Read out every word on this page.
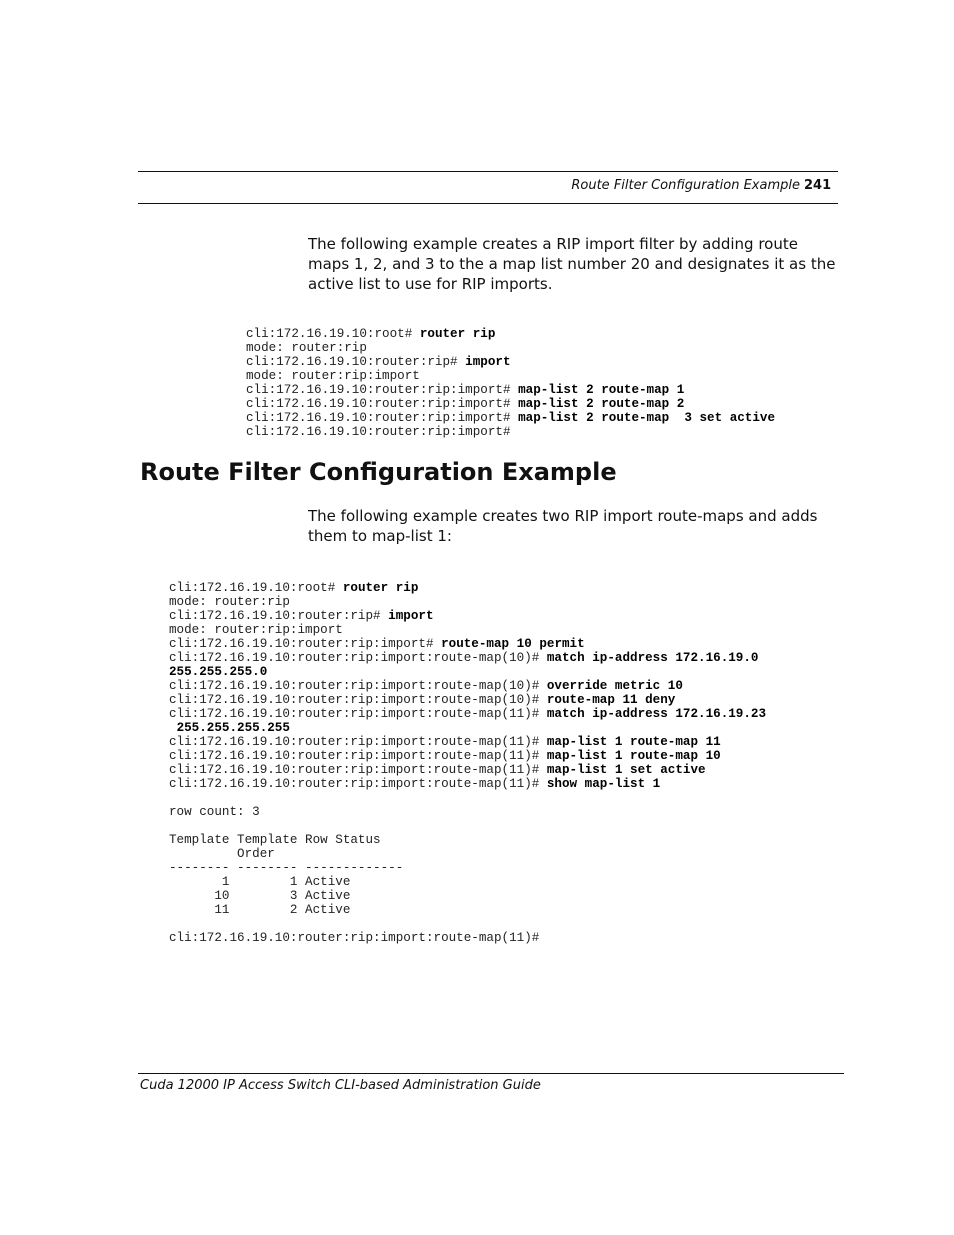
Route Filter Configuration Example 241

The following example creates a RIP import filter by adding route maps 1, 2, and 3 to the a map list number 20 and designates it as the active list to use for RIP imports.

cli:172.16.19.10:root# router rip
mode: router:rip
cli:172.16.19.10:router:rip# import
mode: router:rip:import
cli:172.16.19.10:router:rip:import# map-list 2 route-map 1
cli:172.16.19.10:router:rip:import# map-list 2 route-map 2
cli:172.16.19.10:router:rip:import# map-list 2 route-map  3 set active
cli:172.16.19.10:router:rip:import#

Route Filter Configuration Example

The following example creates two RIP import route-maps and adds them to map-list 1:

cli:172.16.19.10:root# router rip
mode: router:rip
cli:172.16.19.10:router:rip# import
mode: router:rip:import
cli:172.16.19.10:router:rip:import# route-map 10 permit
cli:172.16.19.10:router:rip:import:route-map(10)# match ip-address 172.16.19.0
255.255.255.0
cli:172.16.19.10:router:rip:import:route-map(10)# override metric 10
cli:172.16.19.10:router:rip:import:route-map(10)# route-map 11 deny
cli:172.16.19.10:router:rip:import:route-map(11)# match ip-address 172.16.19.23
255.255.255.255
cli:172.16.19.10:router:rip:import:route-map(11)# map-list 1 route-map 11
cli:172.16.19.10:router:rip:import:route-map(11)# map-list 1 route-map 10
cli:172.16.19.10:router:rip:import:route-map(11)# map-list 1 set active
cli:172.16.19.10:router:rip:import:route-map(11)# show map-list 1

row count: 3

Template Template Row Status
Order
-------- -------- -------------
1        1 Active
10        3 Active
11        2 Active

cli:172.16.19.10:router:rip:import:route-map(11)#

Cuda 12000 IP Access Switch CLI-based Administration Guide
